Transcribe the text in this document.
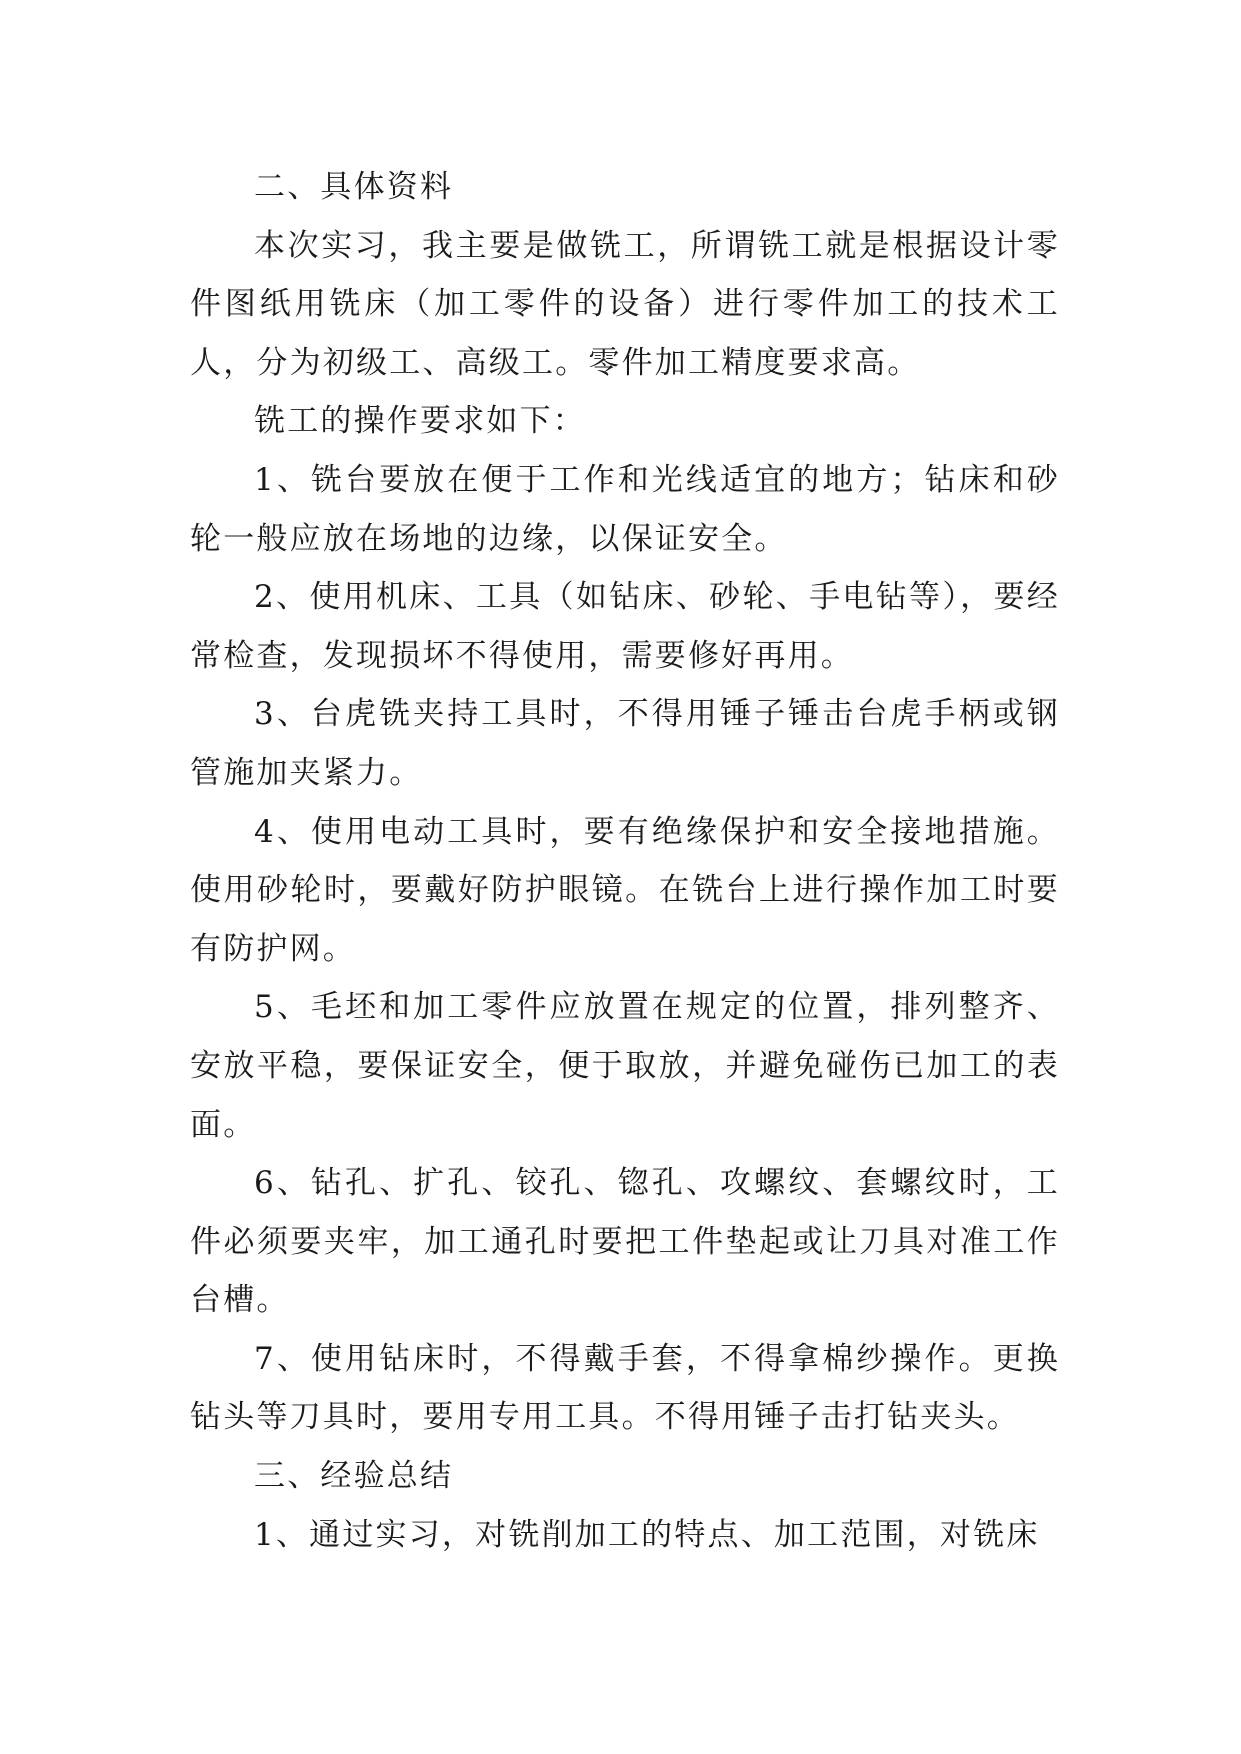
二、具体资料

本次实习，我主要是做铣工，所谓铣工就是根据设计零件图纸用铣床（加工零件的设备）进行零件加工的技术工人，分为初级工、高级工。零件加工精度要求高。

铣工的操作要求如下：

1、铣台要放在便于工作和光线适宜的地方；钻床和砂轮一般应放在场地的边缘，以保证安全。

2、使用机床、工具（如钻床、砂轮、手电钻等），要经常检查，发现损坏不得使用，需要修好再用。

3、台虎铣夹持工具时，不得用锤子锤击台虎手柄或钢管施加夹紧力。

4、使用电动工具时，要有绝缘保护和安全接地措施。使用砂轮时，要戴好防护眼镜。在铣台上进行操作加工时要有防护网。

5、毛坯和加工零件应放置在规定的位置，排列整齐、安放平稳，要保证安全，便于取放，并避免碰伤已加工的表面。

6、钻孔、扩孔、铰孔、锪孔、攻螺纹、套螺纹时，工件必须要夹牢，加工通孔时要把工件垫起或让刀具对准工作台槽。

7、使用钻床时，不得戴手套，不得拿棉纱操作。更换钻头等刀具时，要用专用工具。不得用锤子击打钻夹头。

三、经验总结

1、通过实习，对铣削加工的特点、加工范围，对铣床
